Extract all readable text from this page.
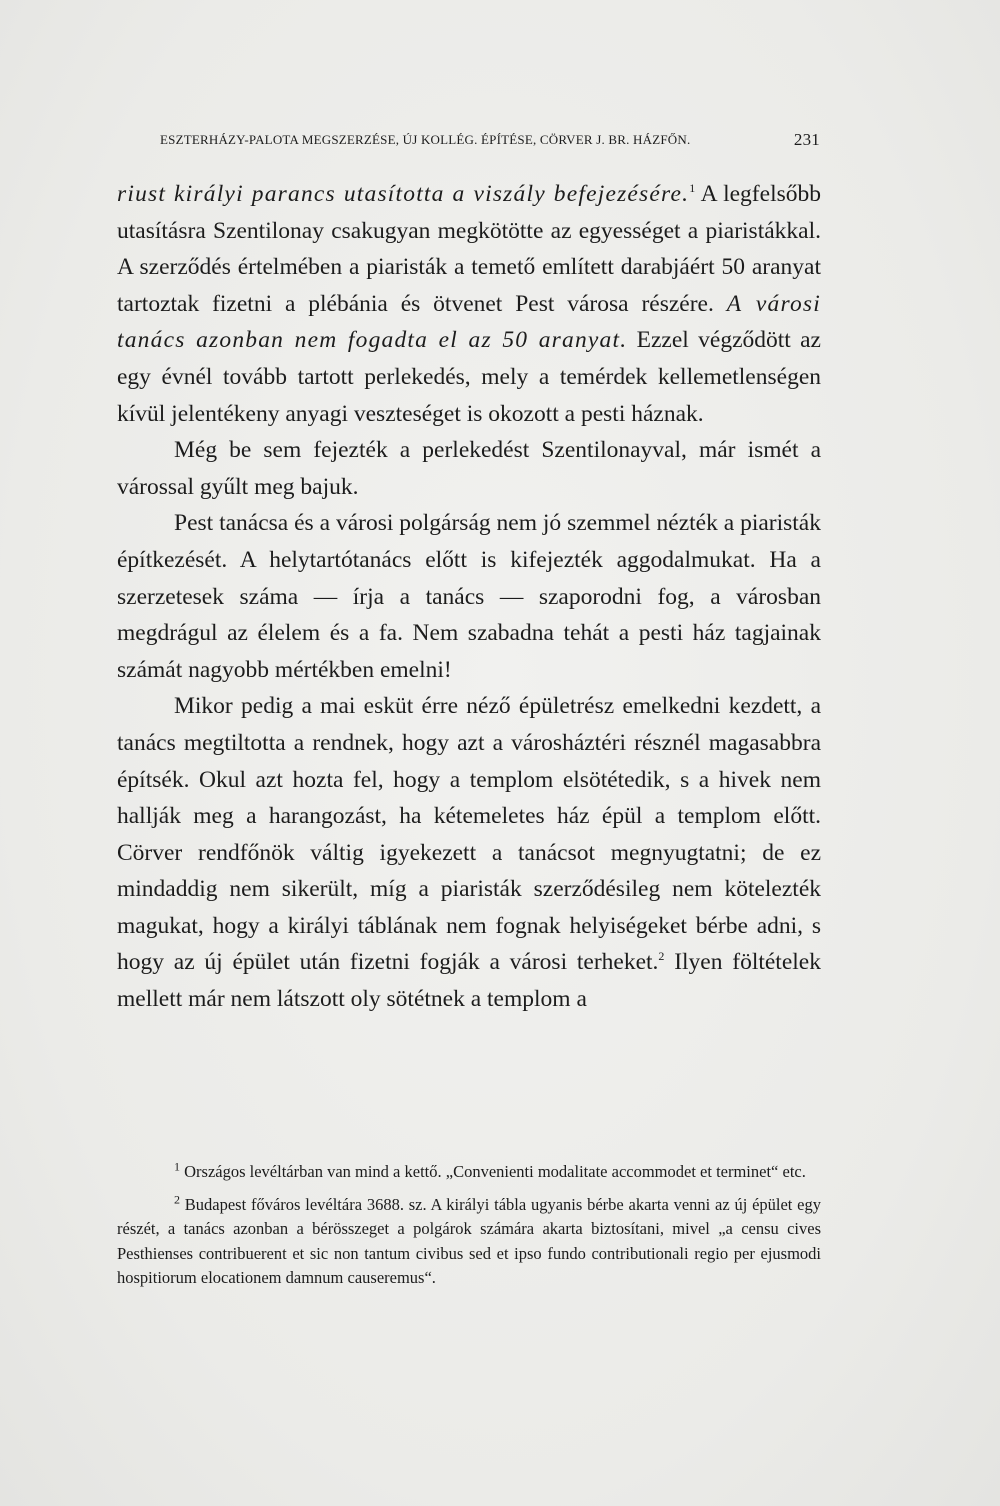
ESZTERHÁZY-PALOTA MEGSZERZÉSE, ÚJ KOLLÉG. ÉPÍTÉSE, CÖRVER J. BR. HÁZFŐN.	231

riust királyi parancs utasította a viszály befejezésére.$^1$ A legfelsőbb utasításra Szentilonay csakugyan megkötötte az egyességet a piaristákkal. A szerződés értelmében a piaristák a temető említett darabjáért 50 aranyat tartoztak fizetni a plébánia és ötvenet Pest városa részére. A városi tanács azonban nem fogadta el az 50 aranyat. Ezzel végződött az egy évnél tovább tartott perlekedés, mely a temérdek kellemetlenségen kívül jelentékeny anyagi veszteséget is okozott a pesti háznak.

Még be sem fejezték a perlekedést Szentilonayval, már ismét a várossal gyűlt meg bajuk.

Pest tanácsa és a városi polgárság nem jó szemmel nézték a piaristák építkezését. A helytartótanács előtt is kifejezték aggodalmukat. Ha a szerzetesek száma — írja a tanács — szaporodni fog, a városban megdrágul az élelem és a fa. Nem szabadna tehát a pesti ház tagjainak számát nagyobb mértékben emelni!

Mikor pedig a mai esküt érre néző épületrész emelkedni kezdett, a tanács megtiltotta a rendnek, hogy azt a városháztéri résznél magasabbra építsék. Okul azt hozta fel, hogy a templom elsötétedik, s a hivek nem hallják meg a harangozást, ha kétemeletes ház épül a templom előtt. Cörver rendfőnök váltig igyekezett a tanácsot megnyugtatni; de ez mindaddig nem sikerült, míg a piaristák szerződésileg nem kötelezték magukat, hogy a királyi táblának nem fognak helyiségeket bérbe adni, s hogy az új épület után fizetni fogják a városi terheket.$^2$ Ilyen föltételek mellett már nem látszott oly sötétnek a templom a

$^1$ Országos levéltárban van mind a kettő. „Convenienti modalitate accommodet et terminet“ etc.

$^2$ Budapest főváros levéltára 3688. sz. A királyi tábla ugyanis bérbe akarta venni az új épület egy részét, a tanács azonban a bérösszeget a polgárok számára akarta biztosítani, mivel „a censu cives Pesthienses contribuerent et sic non tantum civibus sed et ipso fundo contributionali regio per ejusmodi hospitiorum elocationem damnum causeremus“.
